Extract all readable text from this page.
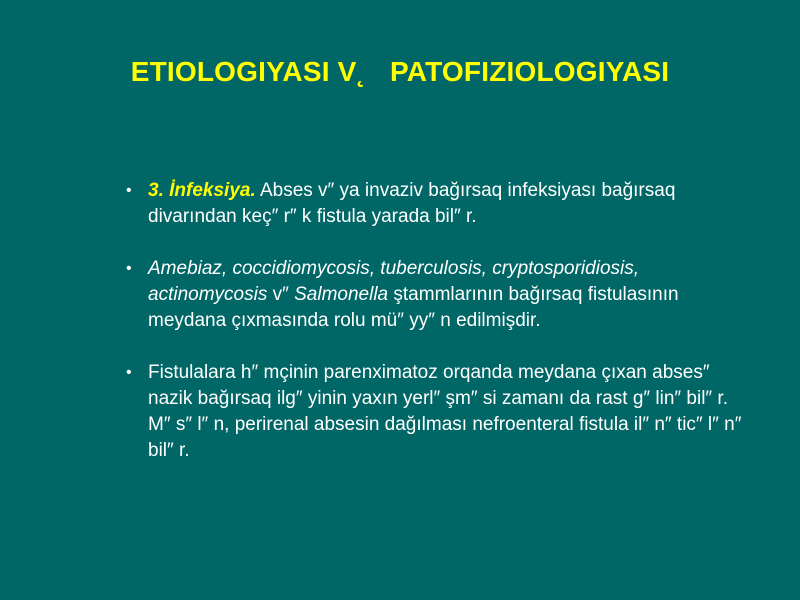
ETIOLOGIYASI V˛   PATOFIZIOLOGIYASI
• 3. İnfeksiya. Abses v″ ya invaziv bağırsaq infeksiyası bağırsaq divarından keç″ r″ k fistula yarada bil″ r.
• Amebiaz, coccidiomycosis, tuberculosis, cryptosporidiosis, actinomycosis v″ Salmonella ştammlarının bağırsaq fistulasının meydana çıxmasında rolu mü″ yy″ n edilmişdir.
• Fistulalara h″ mçinin parenximatoz orqanda meydana çıxan abses″ nazik bağırsaq ilg″ yinin yaxın yerl″ şm″ si zamanı da rast g″ lin″ bil″ r. M″ s″ l″ n, perirenal absesin dağılması nefroenteral fistula il″ n″ tic″ l″ n″ bil″ r.
